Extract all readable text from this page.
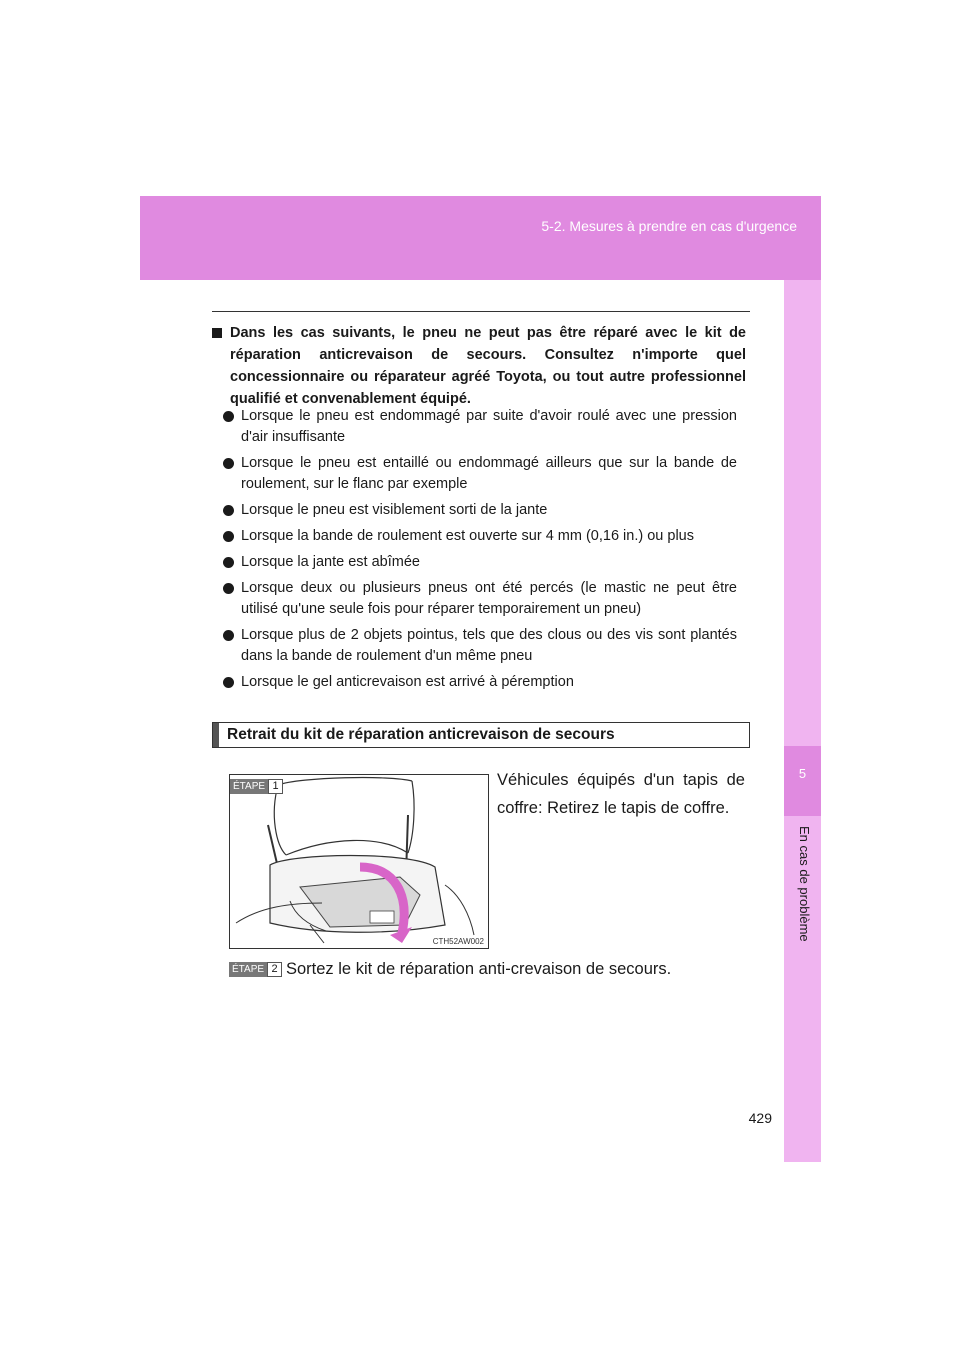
5-2. Mesures à prendre en cas d'urgence
5
En cas de problème
Dans les cas suivants, le pneu ne peut pas être réparé avec le kit de réparation anticrevaison de secours. Consultez n'importe quel concessionnaire ou réparateur agréé Toyota, ou tout autre professionnel qualifié et convenablement équipé.
Lorsque le pneu est endommagé par suite d'avoir roulé avec une pression d'air insuffisante
Lorsque le pneu est entaillé ou endommagé ailleurs que sur la bande de roulement, sur le flanc par exemple
Lorsque le pneu est visiblement sorti de la jante
Lorsque la bande de roulement est ouverte sur 4 mm (0,16 in.) ou plus
Lorsque la jante est abîmée
Lorsque deux ou plusieurs pneus ont été percés (le mastic ne peut être utilisé qu'une seule fois pour réparer temporairement un pneu)
Lorsque plus de 2 objets pointus, tels que des clous ou des vis sont plantés dans la bande de roulement d'un même pneu
Lorsque le gel anticrevaison est arrivé à péremption
Retrait du kit de réparation anticrevaison de secours
ÉTAPE 1
CTH52AW002
Véhicules équipés d'un tapis de coffre: Retirez le tapis de coffre.
ÉTAPE 2 Sortez le kit de réparation anti-crevaison de secours.
429
